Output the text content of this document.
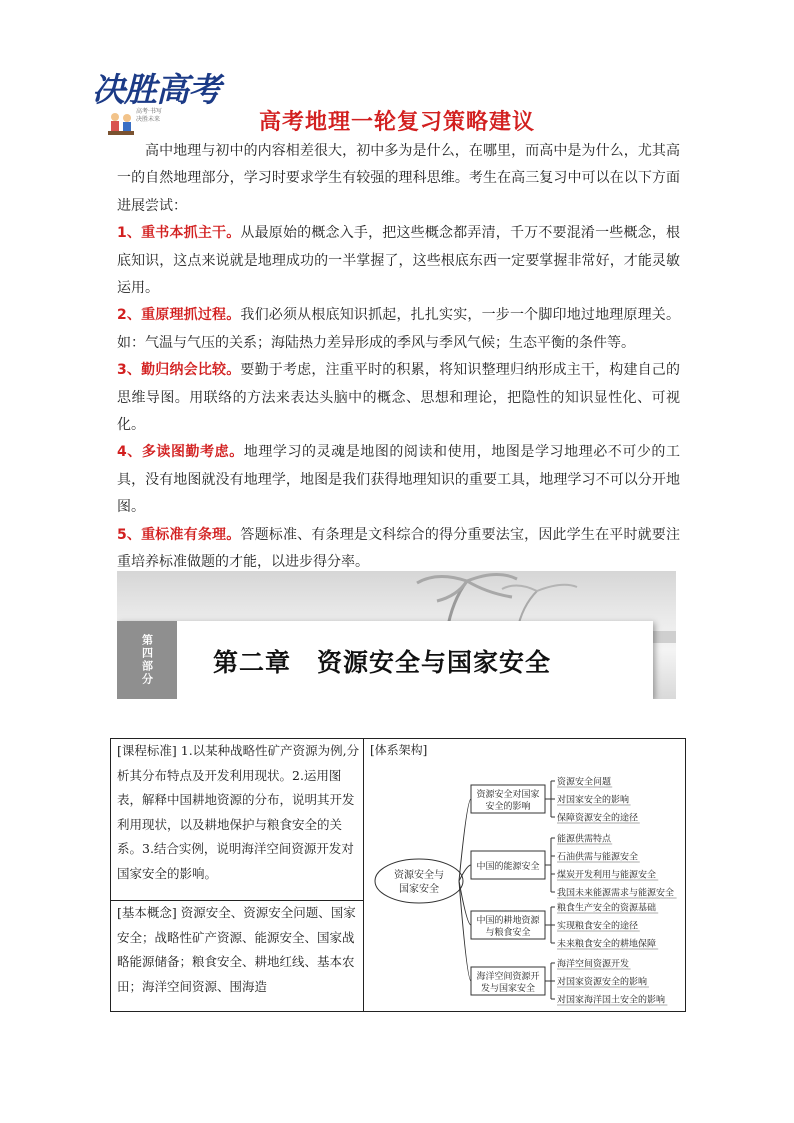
决胜高考
高考·书写
决胜未来	高考地理一轮复习策略建议

高中地理与初中的内容相差很大，初中多为是什么，在哪里，而高中是为什么，尤其高一的自然地理部分，学习时要求学生有较强的理科思维。考生在高三复习中可以在以下方面进展尝试：

1、重书本抓主干。从最原始的概念入手，把这些概念都弄清，千万不要混淆一些概念，根底知识，这点来说就是地理成功的一半掌握了，这些根底东西一定要掌握非常好，才能灵敏运用。

2、重原理抓过程。我们必须从根底知识抓起，扎扎实实，一步一个脚印地过地理原理关。如：气温与气压的关系；海陆热力差异形成的季风与季风气候；生态平衡的条件等。

3、勤归纳会比较。要勤于考虑，注重平时的积累，将知识整理归纳形成主干，构建自己的思维导图。用联络的方法来表达头脑中的概念、思想和理论，把隐性的知识显性化、可视化。

4、多读图勤考虑。地理学习的灵魂是地图的阅读和使用，地图是学习地理必不可少的工具，没有地图就没有地理学，地图是我们获得地理知识的重要工具，地理学习不可以分开地图。

5、重标准有条理。答题标准、有条理是文科综合的得分重要法宝，因此学生在平时就要注重培养标准做题的才能，以进步得分率。

第四部分	第二章　资源安全与国家安全
[课程标准] 1.以某种战略性矿产资源为例,分析其分布特点及开发利用现状。2.运用图表，解释中国耕地资源的分布，说明其开发利用现状，以及耕地保护与粮食安全的关系。3.结合实例，说明海洋空间资源开发对国家安全的影响。
[基本概念] 资源安全、资源安全问题、国家安全；战略性矿产资源、能源安全、国家战略能源储备；粮食安全、耕地红线、基本农田；海洋空间资源、围海造
[体系架构]
资源安全与
国家安全
资源安全对国家
安全的影响
资源安全问题
对国家安全的影响
保障资源安全的途径
中国的能源安全
能源供需特点
石油供需与能源安全
煤炭开发利用与能源安全
我国未来能源需求与能源安全
中国的耕地资源
与粮食安全
粮食生产安全的资源基础
实现粮食安全的途径
未来粮食安全的耕地保障
海洋空间资源开
发与国家安全
海洋空间资源开发
对国家资源安全的影响
对国家海洋国土安全的影响
